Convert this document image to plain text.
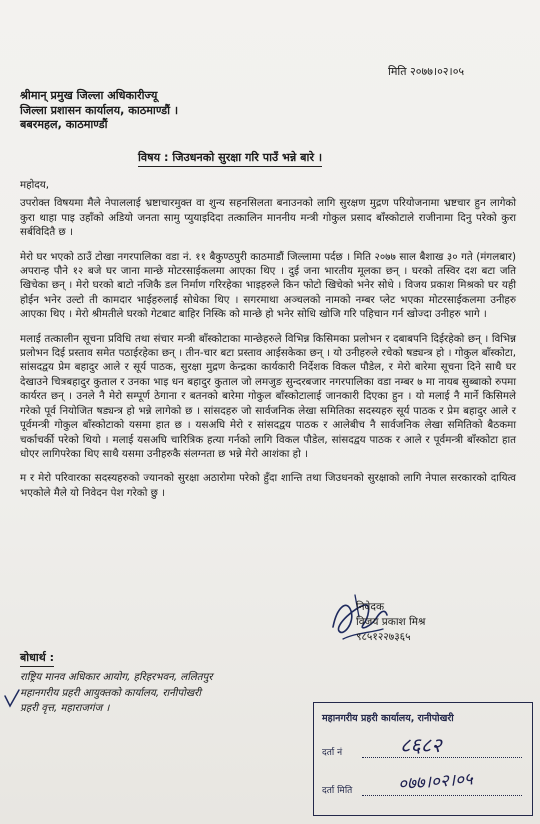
मिति २०७७।०२।०५
श्रीमान् प्रमुख जिल्ला अधिकारीज्यू
जिल्ला प्रशासन कार्यालय, काठमाण्डौं ।
बबरमहल, काठमाण्डौं
विषय : जिउधनको सुरक्षा गरि पाउँ भन्ने बारे ।

महोदय,

उपरोक्त विषयमा मैले नेपाललाई भ्रष्टाचारमुक्त वा शुन्य सहनसिलता बनाउनको लागि सुरक्षण मुद्रण परियोजनामा भ्रष्टचार हुन लागेको कुरा थाहा पाइ उहाँको अडियो जनता सामु प्युयाइदिदा तत्कालिन माननीय मन्त्री गोकुल प्रसाद बाँस्कोटाले राजीनामा दिनु परेको कुरा सर्बविदितै छ ।

मेरो घर भएको ठाउँ टोखा नगरपालिका वडा नं. ११ बैकुण्ठपुरी काठमाडौं जिल्लामा पर्दछ । मिति २०७७ साल बैशाख ३० गते (मंगलबार) अपरान्ह पौने १२ बजे घर जाना मान्छे मोटरसाईकलमा आएका थिए । दुई जना भारतीय मूलका छन् । घरको तस्विर दश बटा जति खिचेका छन् । मेरो घरको बाटो नजिकै डल निर्माण गरिरहेका भाइहरुले किन फोटो खिचेको भनेर सोधे । विजय प्रकाश मिश्रको घर यही होईन भनेर उल्टो ती कामदार भाईहरुलाई सोधेका थिए । सगरमाथा अञ्चलको नामको नम्बर प्लेट भएका मोटरसाईकलमा उनीहरु आएका थिए । मेरो श्रीमतीले घरको गेटबाट बाहिर निस्कि को मान्छे हो भनेर सोधि खोजि गरि पहिचान गर्न खोज्दा उनीहरु भागे ।

मलाई तत्कालीन सूचना प्रविधि तथा संचार मन्त्री बाँस्कोटाका मान्छेहरुले विभिन्न किसिमका प्रलोभन र दबाबपनि दिईरहेको छन् । विभिन्न प्रलोभन दिई प्रस्ताव समेत पठाईरहेका छन् । तीन-चार बटा प्रस्ताव आईसकेका छन् । यो उनीहरुले रचेको षड्यन्त्र हो । गोकुल बाँस्कोटा, सांसदद्वय प्रेम बहादुर आले र सूर्य पाठक, सुरक्षा मुद्रण केन्द्रका कार्यकारी निर्देशक विकल पौडेल, र मेरो बारेमा सूचना दिने साथै घर देखाउने चित्रबहादुर कुताल र उनका भाइ धन बहादुर कुताल जो लमजुङ सुन्दरबजार नगरपालिका वडा नम्बर ७ मा नायब सुब्बाको रुपमा कार्यरत छन् । उनले नै मेरो सम्पूर्ण ठेगाना र बतनको बारेमा गोकुल बाँस्कोटालाई जानकारी दिएका हुन । यो मलाई नै मार्ने किसिमले गरेको पूर्व नियोजित षड्यन्त्र हो भन्ने लागेको छ । सांसदहरु जो सार्वजनिक लेखा समितिका सदस्यहरु सूर्य पाठक र प्रेम बहादुर आले र पूर्वमन्त्री गोकुल बाँस्कोटाको यसमा हात छ । यसअघि मेरो र सांसदद्वय पाठक र आलेबीच नै सार्वजनिक लेखा समितिको बैठकमा चर्काचर्की परेको थियो । मलाई यसअघि चारित्रिक हत्या गर्नको लागि विकल पौडेल, सांसदद्वय पाठक र आले र पूर्वमन्त्री बाँस्कोटा हात धोएर लागिपरेका थिए साथै यसमा उनीहरुकै संलग्नता छ भन्ने मेरो आशंका हो ।

म र मेरो परिवारका सदस्यहरुको ज्यानको सुरक्षा अठारोमा परेको हुँदा शान्ति तथा जिउधनको सुरक्षाको लागि नेपाल सरकारको दायित्व भएकोले मैले यो निवेदन पेश गरेको छु ।

निवेदक
विजय प्रकाश मिश्र
९८५१२२७३६५
बोधार्थ :
राष्ट्रिय मानव अधिकार आयोग, हरिहरभवन, ललितपुर
महानगरीय प्रहरी आयुक्तको कार्यालय, रानीपोखरी
प्रहरी वृत्त, महाराजगंज ।
महानगरीय प्रहरी कार्यालय, रानीपोखरी
दर्ता नं	८६८२
दर्ता मिति	०७७।०२।०५
